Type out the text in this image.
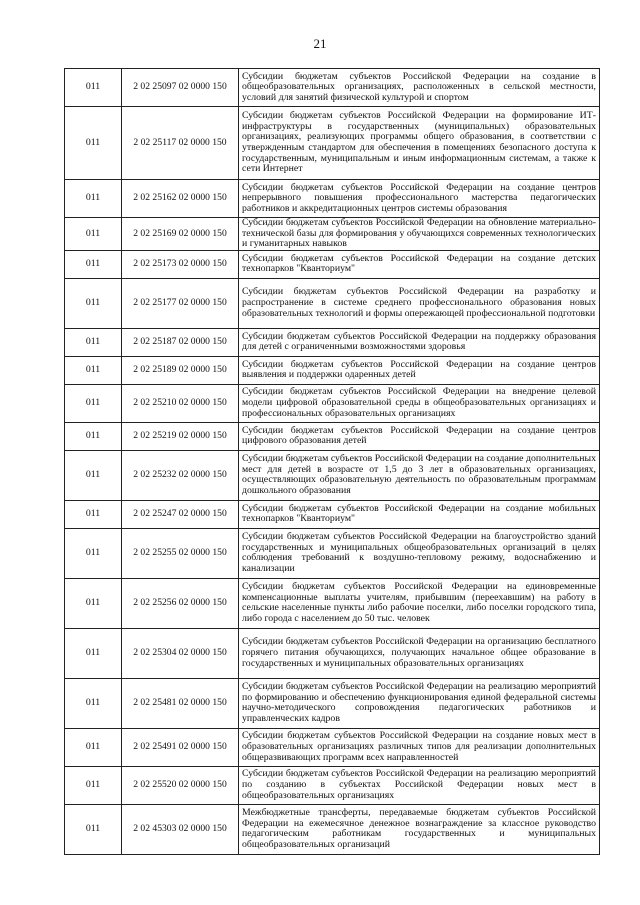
21
011	2 02 25097 02 0000 150	Субсидии бюджетам субъектов Российской Федерации на создание в общеобразовательных организациях, расположенных в сельской местности, условий для занятий физической культурой и спортом
011	2 02 25117 02 0000 150	Субсидии бюджетам субъектов Российской Федерации на формирование ИТ-инфраструктуры в государственных (муниципальных) образовательных организациях, реализующих программы общего образования, в соответствии с утвержденным стандартом для обеспечения в помещениях безопасного доступа к государственным, муниципальным и иным информационным системам, а также к сети Интернет
011	2 02 25162 02 0000 150	Субсидии бюджетам субъектов Российской Федерации на создание центров непрерывного повышения профессионального мастерства педагогических работников и аккредитационных центров системы образования
011	2 02 25169 02 0000 150	Субсидии бюджетам субъектов Российской Федерации на обновление материально-технической базы для формирования у обучающихся современных технологических и гуманитарных навыков
011	2 02 25173 02 0000 150	Субсидии бюджетам субъектов Российской Федерации на создание детских технопарков "Кванториум"
011	2 02 25177 02 0000 150	Субсидии бюджетам субъектов Российской Федерации на разработку и распространение в системе среднего профессионального образования новых образовательных технологий и формы опережающей профессиональной подготовки
011	2 02 25187 02 0000 150	Субсидии бюджетам субъектов Российской Федерации на поддержку образования для детей с ограниченными возможностями здоровья
011	2 02 25189 02 0000 150	Субсидии бюджетам субъектов Российской Федерации на создание центров выявления и поддержки одаренных детей
011	2 02 25210 02 0000 150	Субсидии бюджетам субъектов Российской Федерации на внедрение целевой модели цифровой образовательной среды в общеобразовательных организациях и профессиональных образовательных организациях
011	2 02 25219 02 0000 150	Субсидии бюджетам субъектов Российской Федерации на создание центров цифрового образования детей
011	2 02 25232 02 0000 150	Субсидии бюджетам субъектов Российской Федерации на создание дополнительных мест для детей в возрасте от 1,5 до 3 лет в образовательных организациях, осуществляющих образовательную деятельность по образовательным программам дошкольного образования
011	2 02 25247 02 0000 150	Субсидии бюджетам субъектов Российской Федерации на создание мобильных технопарков "Кванториум"
011	2 02 25255 02 0000 150	Субсидии бюджетам субъектов Российской Федерации на благоустройство зданий государственных и муниципальных общеобразовательных организаций в целях соблюдения требований к воздушно-тепловому режиму, водоснабжению и канализации
011	2 02 25256 02 0000 150	Субсидии бюджетам субъектов Российской Федерации на единовременные компенсационные выплаты учителям, прибывшим (переехавшим) на работу в сельские населенные пункты либо рабочие поселки, либо поселки городского типа, либо города с населением до 50 тыс. человек
011	2 02 25304 02 0000 150	Субсидии бюджетам субъектов Российской Федерации на организацию бесплатного горячего питания обучающихся, получающих начальное общее образование в государственных и муниципальных образовательных организациях
011	2 02 25481 02 0000 150	Субсидии бюджетам субъектов Российской Федерации на реализацию мероприятий по формированию и обеспечению функционирования единой федеральной системы научно-методического сопровождения педагогических работников и управленческих кадров
011	2 02 25491 02 0000 150	Субсидии бюджетам субъектов Российской Федерации на создание новых мест в образовательных организациях различных типов для реализации дополнительных общеразвивающих программ всех направленностей
011	2 02 25520 02 0000 150	Субсидии бюджетам субъектов Российской Федерации на реализацию мероприятий по созданию в субъектах Российской Федерации новых мест в общеобразовательных организациях
011	2 02 45303 02 0000 150	Межбюджетные трансферты, передаваемые бюджетам субъектов Российской Федерации на ежемесячное денежное вознаграждение за классное руководство педагогическим работникам государственных и муниципальных общеобразовательных организаций
